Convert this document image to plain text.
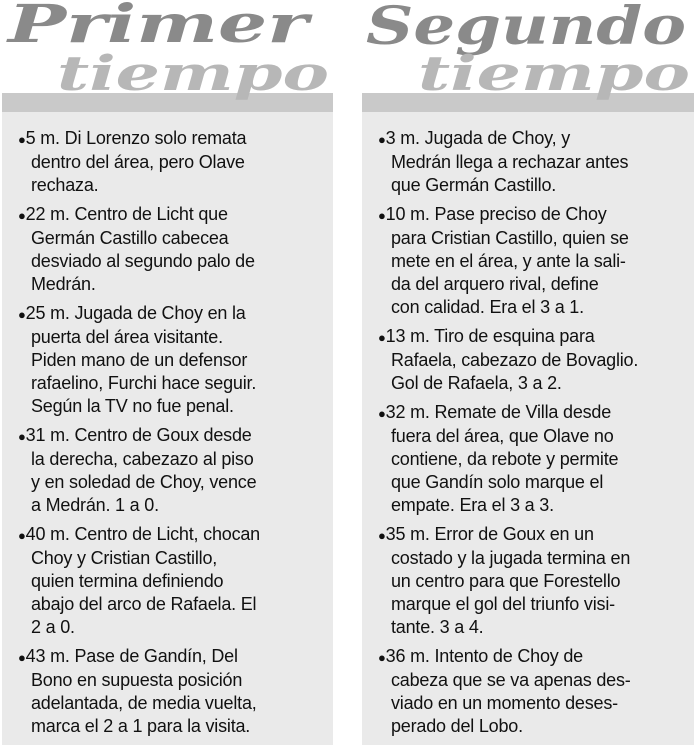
Primer
tiempo
●5 m. Di Lorenzo solo remata
dentro del área, pero Olave
rechaza.
●22 m. Centro de Licht que
Germán Castillo cabecea
desviado al segundo palo de
Medrán.
●25 m. Jugada de Choy en la
puerta del área visitante.
Piden mano de un defensor
rafaelino, Furchi hace seguir.
Según la TV no fue penal.
●31 m. Centro de Goux desde
la derecha, cabezazo al piso
y en soledad de Choy, vence
a Medrán. 1 a 0.
●40 m. Centro de Licht, chocan
Choy y Cristian Castillo,
quien termina definiendo
abajo del arco de Rafaela. El
2 a 0.
●43 m. Pase de Gandín, Del
Bono en supuesta posición
adelantada, de media vuelta,
marca el 2 a 1 para la visita.
Segundo
tiempo
●3 m. Jugada de Choy, y
Medrán llega a rechazar antes
que Germán Castillo.
●10 m. Pase preciso de Choy
para Cristian Castillo, quien se
mete en el área, y ante la sali-
da del arquero rival, define
con calidad. Era el 3 a 1.
●13 m. Tiro de esquina para
Rafaela, cabezazo de Bovaglio.
Gol de Rafaela, 3 a 2.
●32 m. Remate de Villa desde
fuera del área, que Olave no
contiene, da rebote y permite
que Gandín solo marque el
empate. Era el 3 a 3.
●35 m. Error de Goux en un
costado y la jugada termina en
un centro para que Forestello
marque el gol del triunfo visi-
tante. 3 a 4.
●36 m. Intento de Choy de
cabeza que se va apenas des-
viado en un momento deses-
perado del Lobo.
